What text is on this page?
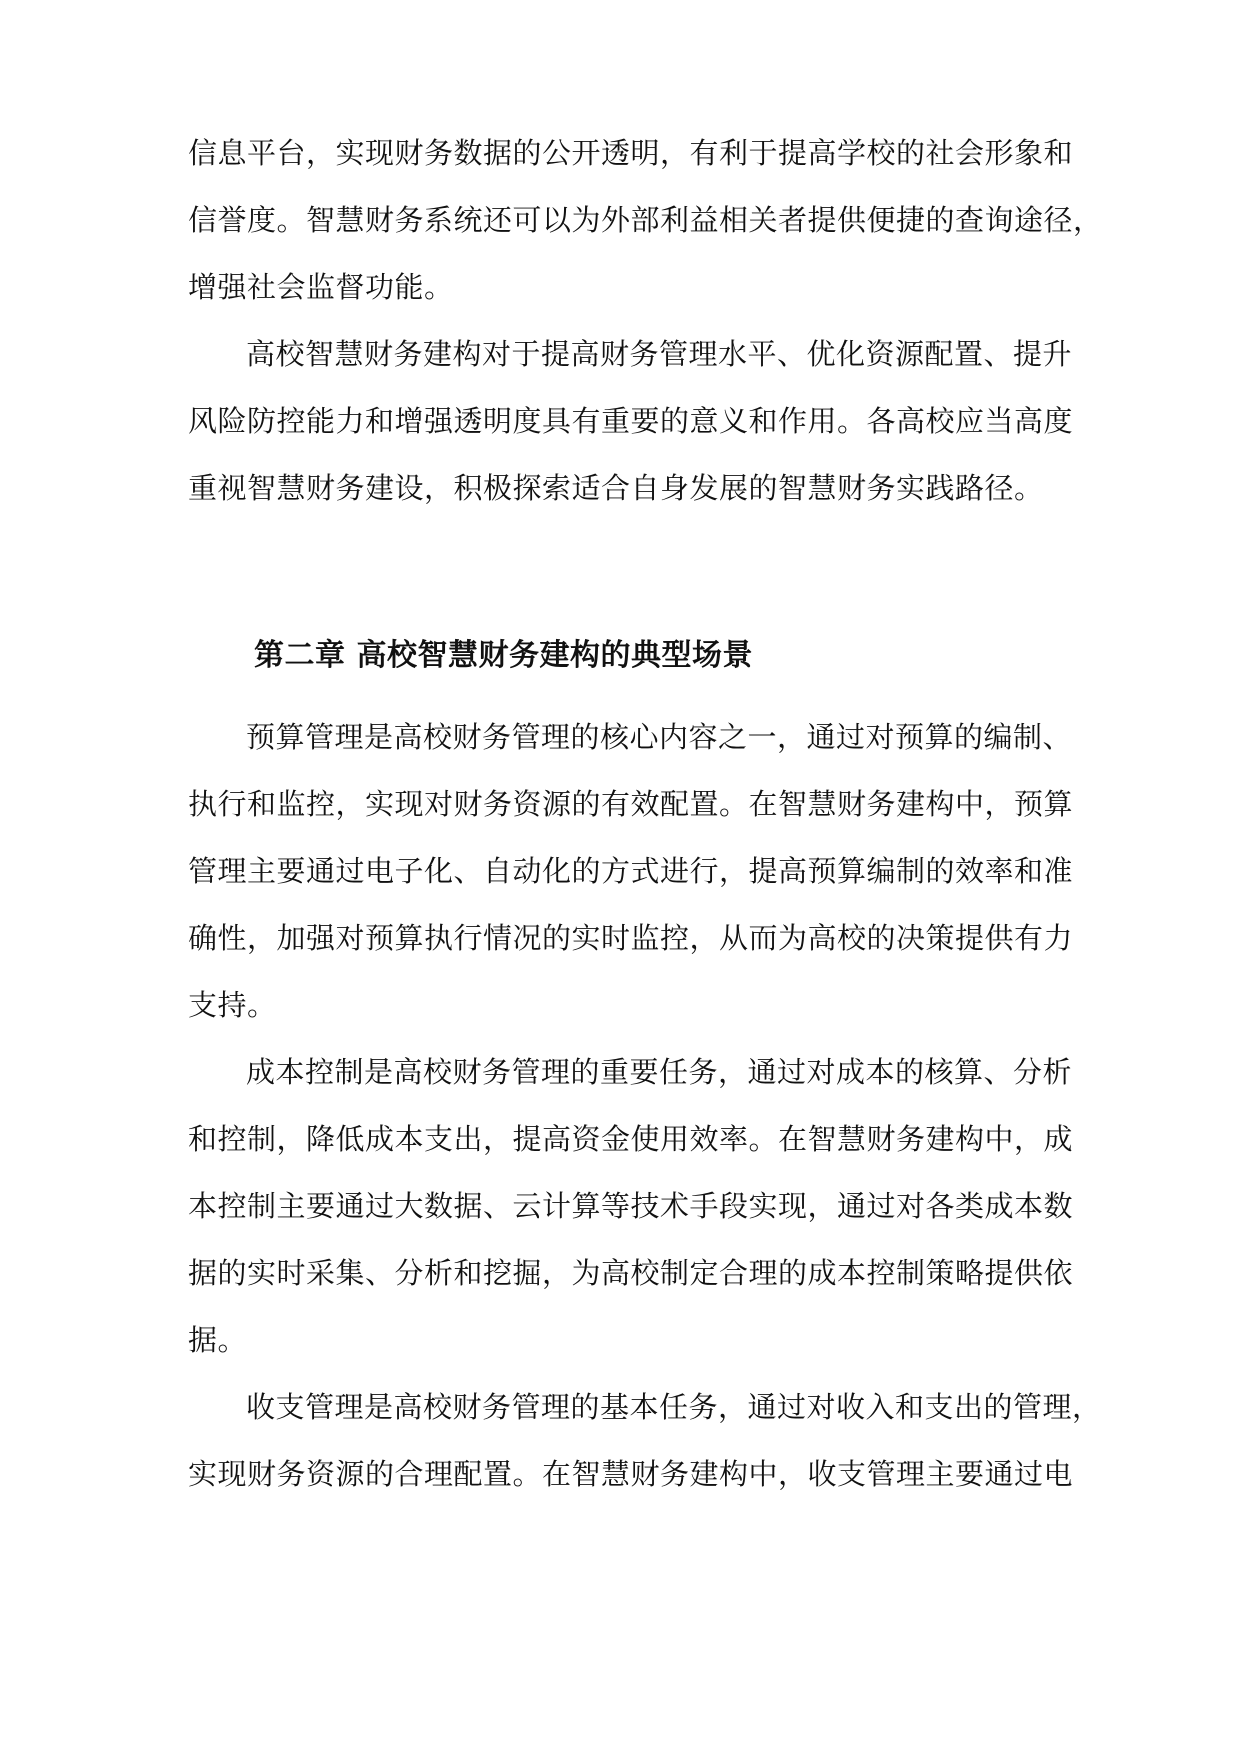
信息平台，实现财务数据的公开透明，有利于提高学校的社会形象和
信誉度。智慧财务系统还可以为外部利益相关者提供便捷的查询途径，
增强社会监督功能。
高校智慧财务建构对于提高财务管理水平、优化资源配置、提升
风险防控能力和增强透明度具有重要的意义和作用。各高校应当高度
重视智慧财务建设，积极探索适合自身发展的智慧财务实践路径。
第二章 高校智慧财务建构的典型场景
预算管理是高校财务管理的核心内容之一，通过对预算的编制、
执行和监控，实现对财务资源的有效配置。在智慧财务建构中，预算
管理主要通过电子化、自动化的方式进行，提高预算编制的效率和准
确性，加强对预算执行情况的实时监控，从而为高校的决策提供有力
支持。
成本控制是高校财务管理的重要任务，通过对成本的核算、分析
和控制，降低成本支出，提高资金使用效率。在智慧财务建构中，成
本控制主要通过大数据、云计算等技术手段实现，通过对各类成本数
据的实时采集、分析和挖掘，为高校制定合理的成本控制策略提供依
据。
收支管理是高校财务管理的基本任务，通过对收入和支出的管理，
实现财务资源的合理配置。在智慧财务建构中，收支管理主要通过电
